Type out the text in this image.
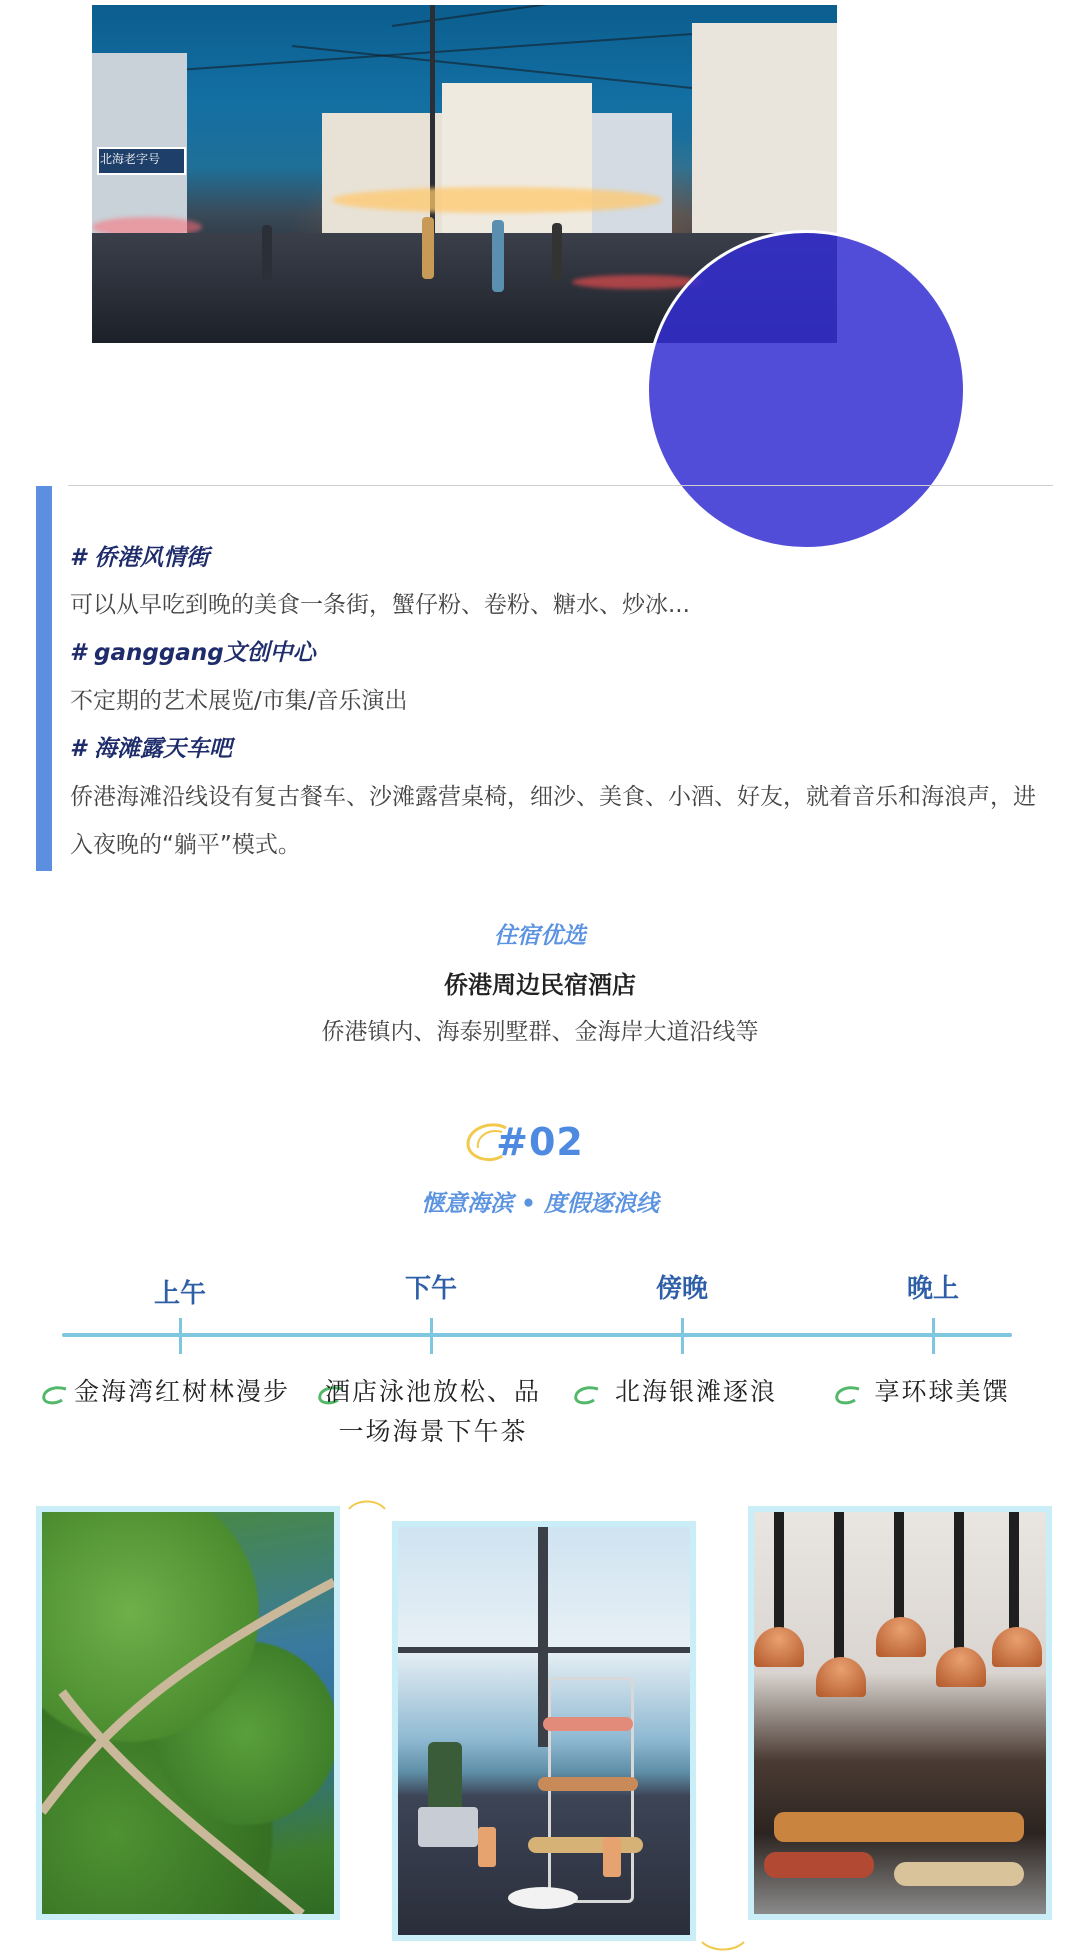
北海老字号

# 侨港风情街

可以从早吃到晚的美食一条街，蟹仔粉、卷粉、糖水、炒冰...

# ganggang文创中心

不定期的艺术展览/市集/音乐演出

# 海滩露天车吧

侨港海滩沿线设有复古餐车、沙滩露营桌椅，细沙、美食、小酒、好友，就着音乐和海浪声，进入夜晚的“躺平”模式。

住宿优选
侨港周边民宿酒店
侨港镇内、海泰别墅群、金海岸大道沿线等
#02
惬意海滨 • 度假逐浪线
上午	下午	傍晚	晚上
金海湾红树林漫步	酒店泳池放松、品一场海景下午茶
北海银滩逐浪	享环球美馔
